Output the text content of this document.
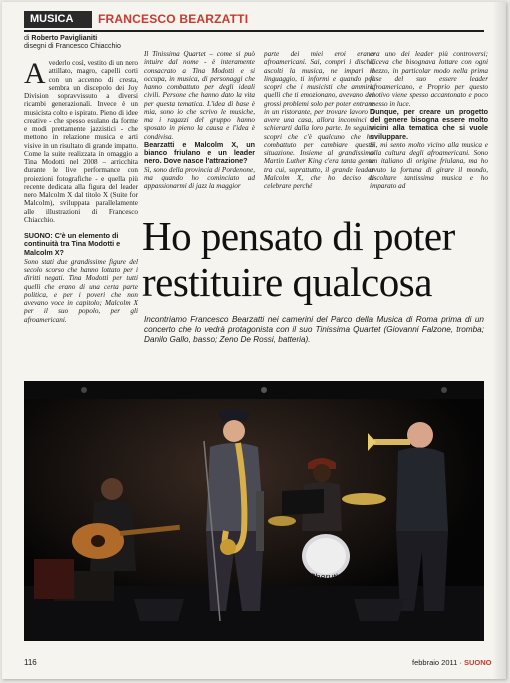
MUSICA	FRANCESCO BEARZATTI
di Roberto Paviglianiti
disegni di Francesco Chiacchio

Avederlo così, vestito di un nero attillato, magro, capelli corti con un accenno di cresta, sembra un discepolo dei Joy Division sopravvissuto a diversi ricambi generazionali. Invece è un musicista colto e ispirato. Pieno di idee creative - che spesso esulano da forme e modi prettamente jazzistici - che mettono in relazione musica e arti visive in un risultato di grande impatto. Come la suite realizzata in omaggio a Tina Modotti nel 2008 – arricchita durante le live performance con proiezioni fotografiche - e quella più recente dedicata alla figura del leader nero Malcolm X dal titolo X (Suite for Malcolm), sviluppata parallelamente alle illustrazioni di Francesco Chiacchio.

SUONO: C'è un elemento di continuità tra Tina Modotti e Malcolm X?

Sono stati due grandissime figure del secolo scorso che hanno lottato per i diritti negati. Tina Modotti per tutti quelli che erano di una certa parte politica, e per i poveri che non avevano voce in capitolo; Malcolm X per il suo popolo, per gli afroamericani.

Il Tinissima Quartet – come si può intuire dal nome - è interamente consacrato a Tina Modotti e si occupa, in musica, di personaggi che hanno combattuto per degli ideali civili. Persone che hanno dato la vita per questa tematica. L'idea di base è mia, sono io che scrivo le musiche, ma i ragazzi del gruppo hanno sposato in pieno la causa e l'idea è condivisa.

Bearzatti e Malcolm X, un bianco friulano e un leader nero. Dove nasce l'attrazione?

Sì, sono della provincia di Pordenone, ma quando ho cominciato ad appassionarmi di jazz la maggior

parte dei miei eroi erano afroamericani. Sai, compri i dischi, ascolti la musica, ne impari il linguaggio, ti informi e quando poi scopri che i musicisti che ammiri, quelli che ti emozionano, avevano dei grossi problemi solo per poter entrare in un ristorante, per trovare lavoro o avere una casa, allora incominci a schierarti dalla loro parte. In seguito scopri che c'è qualcuno che ha combattuto per cambiare questa situazione. Insieme al grandissimo Martin Luther King c'era tanta gente tra cui, soprattutto, il grande leader Malcolm X, che ho deciso di celebrare perché

era uno dei leader più controversi; diceva che bisognava lottare con ogni mezzo, in particolar modo nella prima fase del suo essere leader afroamericano, e Proprio per questo motivo viene spesso accantonato e poco messo in luce.

Dunque, per creare un progetto del genere bisogna essere molto vicini alla tematica che si vuole sviluppare.

Sì, mi sento molto vicino alla musica e alla cultura degli afroamericani. Sono un italiano di origine friulana, ma ho avuto la fortuna di girare il mondo, ascoltare tantissima musica e ho imparato ad

Ho pensato di poter
restituire qualcosa

Incontriamo Francesco Bearzatti nei camerini del Parco della Musica di Roma prima di un concerto che lo vedrà protagonista con il suo Tinissima Quartet (Giovanni Falzone, tromba; Danilo Gallo, basso; Zeno De Rossi, batteria).

Cherut'n
116	febbraio 2011 · SUONO
